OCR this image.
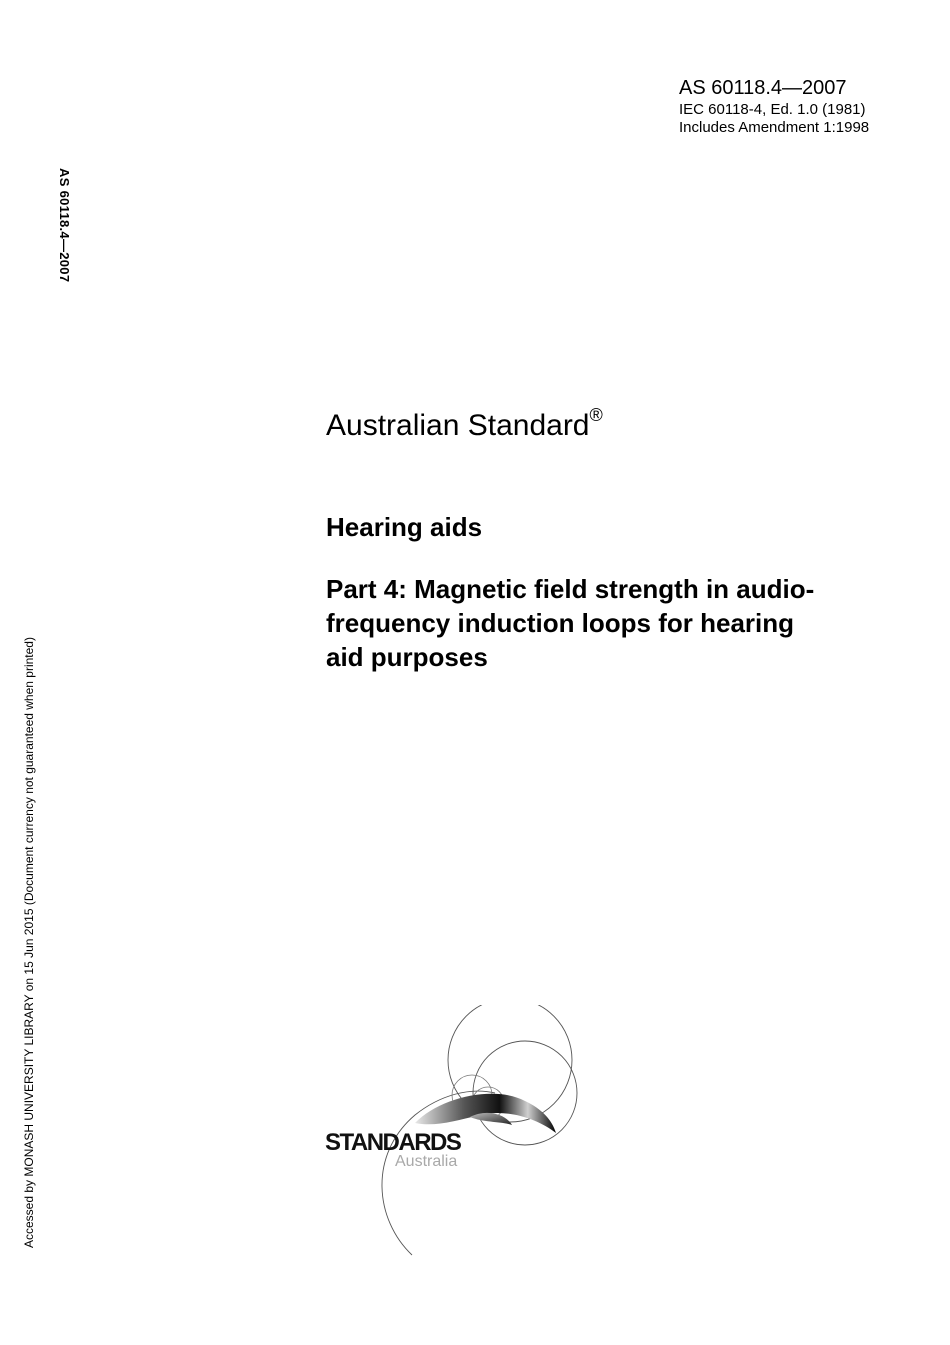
AS 60118.4—2007
IEC 60118-4, Ed. 1.0 (1981)
Includes Amendment 1:1998
AS 60118.4—2007
Accessed by MONASH UNIVERSITY LIBRARY on 15 Jun 2015 (Document currency not guaranteed when printed)
Australian Standard®
Hearing aids
Part 4: Magnetic field strength in audio-
frequency induction loops for hearing
aid purposes
STANDARDS
Australia
